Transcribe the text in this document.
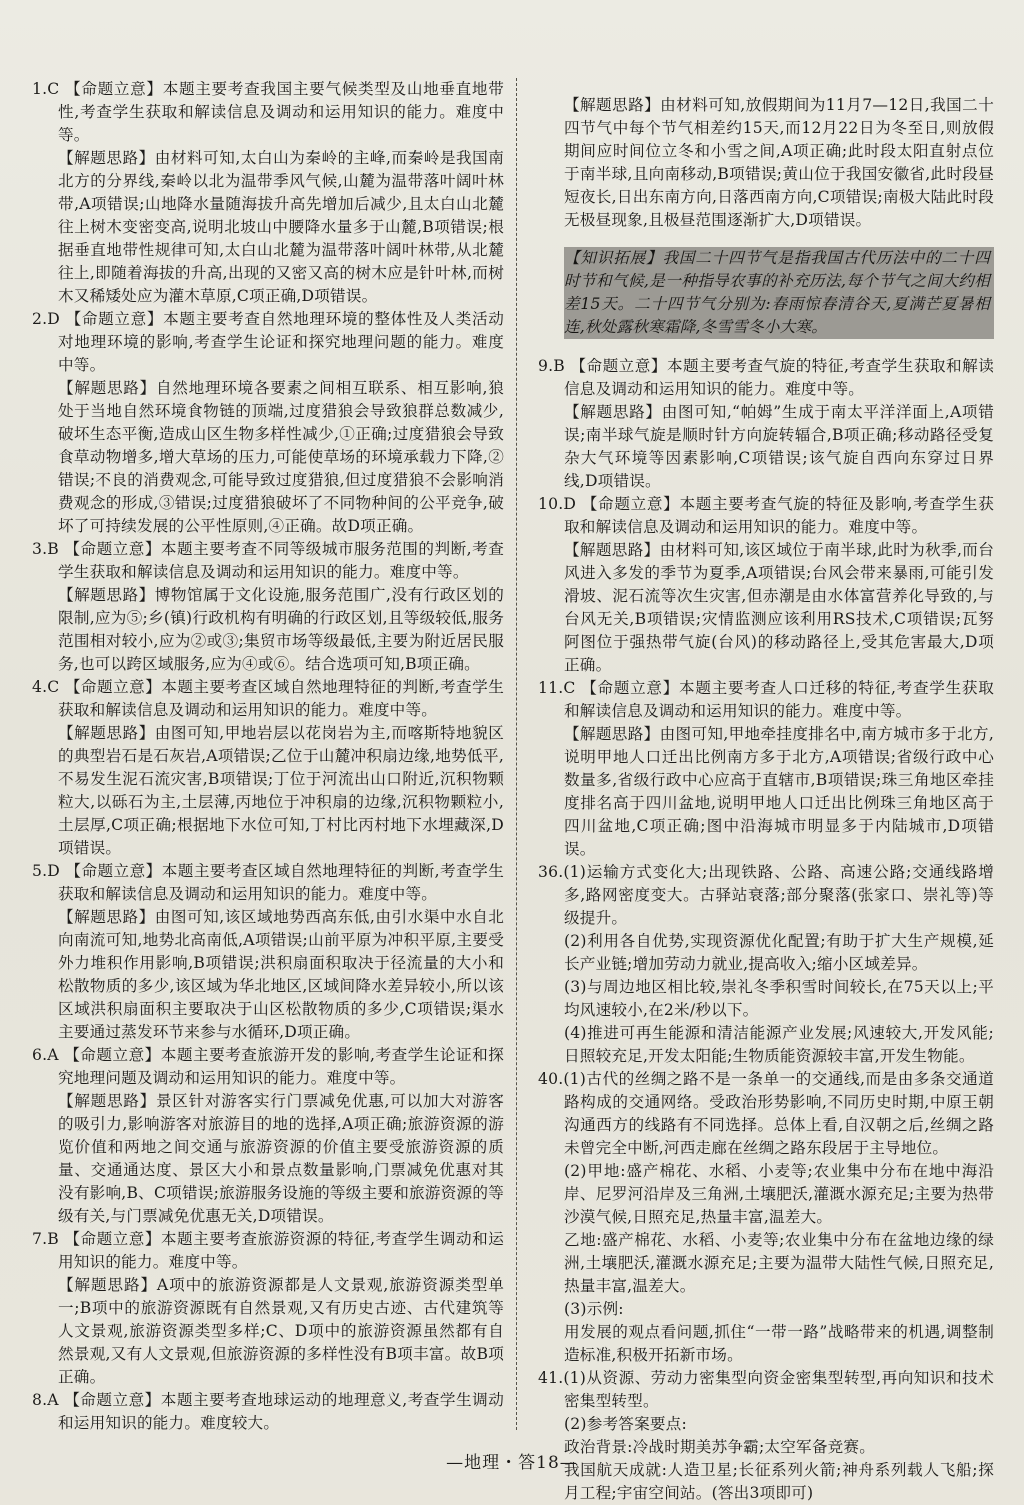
1.C 【命题立意】本题主要考查我国主要气候类型及山地垂直地带性,考查学生获取和解读信息及调动和运用知识的能力。难度中等。

【解题思路】由材料可知,太白山为秦岭的主峰,而秦岭是我国南北方的分界线,秦岭以北为温带季风气候,山麓为温带落叶阔叶林带,A项错误;山地降水量随海拔升高先增加后减少,且太白山北麓往上树木变密变高,说明北坡山中腰降水量多于山麓,B项错误;根据垂直地带性规律可知,太白山北麓为温带落叶阔叶林带,从北麓往上,即随着海拔的升高,出现的又密又高的树木应是针叶林,而树木又稀矮处应为灌木草原,C项正确,D项错误。

2.D 【命题立意】本题主要考查自然地理环境的整体性及人类活动对地理环境的影响,考查学生论证和探究地理问题的能力。难度中等。

【解题思路】自然地理环境各要素之间相互联系、相互影响,狼处于当地自然环境食物链的顶端,过度猎狼会导致狼群总数减少,破坏生态平衡,造成山区生物多样性减少,①正确;过度猎狼会导致食草动物增多,增大草场的压力,可能使草场的环境承载力下降,②错误;不良的消费观念,可能导致过度猎狼,但过度猎狼不会影响消费观念的形成,③错误;过度猎狼破坏了不同物种间的公平竞争,破坏了可持续发展的公平性原则,④正确。故D项正确。

3.B 【命题立意】本题主要考查不同等级城市服务范围的判断,考查学生获取和解读信息及调动和运用知识的能力。难度中等。

【解题思路】博物馆属于文化设施,服务范围广,没有行政区划的限制,应为⑤;乡(镇)行政机构有明确的行政区划,且等级较低,服务范围相对较小,应为②或③;集贸市场等级最低,主要为附近居民服务,也可以跨区域服务,应为④或⑥。结合选项可知,B项正确。

4.C 【命题立意】本题主要考查区域自然地理特征的判断,考查学生获取和解读信息及调动和运用知识的能力。难度中等。

【解题思路】由图可知,甲地岩层以花岗岩为主,而喀斯特地貌区的典型岩石是石灰岩,A项错误;乙位于山麓冲积扇边缘,地势低平,不易发生泥石流灾害,B项错误;丁位于河流出山口附近,沉积物颗粒大,以砾石为主,土层薄,丙地位于冲积扇的边缘,沉积物颗粒小,土层厚,C项正确;根据地下水位可知,丁村比丙村地下水埋藏深,D项错误。

5.D 【命题立意】本题主要考查区域自然地理特征的判断,考查学生获取和解读信息及调动和运用知识的能力。难度中等。

【解题思路】由图可知,该区域地势西高东低,由引水渠中水自北向南流可知,地势北高南低,A项错误;山前平原为冲积平原,主要受外力堆积作用影响,B项错误;洪积扇面积取决于径流量的大小和松散物质的多少,该区域为华北地区,区域间降水差异较小,所以该区域洪积扇面积主要取决于山区松散物质的多少,C项错误;渠水主要通过蒸发环节来参与水循环,D项正确。

6.A 【命题立意】本题主要考查旅游开发的影响,考查学生论证和探究地理问题及调动和运用知识的能力。难度中等。

【解题思路】景区针对游客实行门票减免优惠,可以加大对游客的吸引力,影响游客对旅游目的地的选择,A项正确;旅游资源的游览价值和两地之间交通与旅游资源的价值主要受旅游资源的质量、交通通达度、景区大小和景点数量影响,门票减免优惠对其没有影响,B、C项错误;旅游服务设施的等级主要和旅游资源的等级有关,与门票减免优惠无关,D项错误。

7.B 【命题立意】本题主要考查旅游资源的特征,考查学生调动和运用知识的能力。难度中等。

【解题思路】A项中的旅游资源都是人文景观,旅游资源类型单一;B项中的旅游资源既有自然景观,又有历史古迹、古代建筑等人文景观,旅游资源类型多样;C、D项中的旅游资源虽然都有自然景观,又有人文景观,但旅游资源的多样性没有B项丰富。故B项正确。

8.A 【命题立意】本题主要考查地球运动的地理意义,考查学生调动和运用知识的能力。难度较大。

【解题思路】由材料可知,放假期间为11月7—12日,我国二十四节气中每个节气相差约15天,而12月22日为冬至日,则放假期间应时间位立冬和小雪之间,A项正确;此时段太阳直射点位于南半球,且向南移动,B项错误;黄山位于我国安徽省,此时段昼短夜长,日出东南方向,日落西南方向,C项错误;南极大陆此时段无极昼现象,且极昼范围逐渐扩大,D项错误。

【知识拓展】我国二十四节气是指我国古代历法中的二十四时节和气候,是一种指导农事的补充历法,每个节气之间大约相差15天。二十四节气分别为:春雨惊春清谷天,夏满芒夏暑相连,秋处露秋寒霜降,冬雪雪冬小大寒。

9.B 【命题立意】本题主要考查气旋的特征,考查学生获取和解读信息及调动和运用知识的能力。难度中等。

【解题思路】由图可知,“帕姆”生成于南太平洋洋面上,A项错误;南半球气旋是顺时针方向旋转辐合,B项正确;移动路径受复杂大气环境等因素影响,C项错误;该气旋自西向东穿过日界线,D项错误。

10.D 【命题立意】本题主要考查气旋的特征及影响,考查学生获取和解读信息及调动和运用知识的能力。难度中等。

【解题思路】由材料可知,该区域位于南半球,此时为秋季,而台风进入多发的季节为夏季,A项错误;台风会带来暴雨,可能引发滑坡、泥石流等次生灾害,但赤潮是由水体富营养化导致的,与台风无关,B项错误;灾情监测应该利用RS技术,C项错误;瓦努阿图位于强热带气旋(台风)的移动路径上,受其危害最大,D项正确。

11.C 【命题立意】本题主要考查人口迁移的特征,考查学生获取和解读信息及调动和运用知识的能力。难度中等。

【解题思路】由图可知,甲地牵挂度排名中,南方城市多于北方,说明甲地人口迁出比例南方多于北方,A项错误;省级行政中心数量多,省级行政中心应高于直辖市,B项错误;珠三角地区牵挂度排名高于四川盆地,说明甲地人口迁出比例珠三角地区高于四川盆地,C项正确;图中沿海城市明显多于内陆城市,D项错误。

36.(1)运输方式变化大;出现铁路、公路、高速公路;交通线路增多,路网密度变大。古驿站衰落;部分聚落(张家口、崇礼等)等级提升。

(2)利用各自优势,实现资源优化配置;有助于扩大生产规模,延长产业链;增加劳动力就业,提高收入;缩小区域差异。

(3)与周边地区相比较,崇礼冬季积雪时间较长,在75天以上;平均风速较小,在2米/秒以下。

(4)推进可再生能源和清洁能源产业发展;风速较大,开发风能;日照较充足,开发太阳能;生物质能资源较丰富,开发生物能。

40.(1)古代的丝绸之路不是一条单一的交通线,而是由多条交通道路构成的交通网络。受政治形势影响,不同历史时期,中原王朝沟通西方的线路有不同选择。总体上看,自汉朝之后,丝绸之路未曾完全中断,河西走廊在丝绸之路东段居于主导地位。

(2)甲地:盛产棉花、水稻、小麦等;农业集中分布在地中海沿岸、尼罗河沿岸及三角洲,土壤肥沃,灌溉水源充足;主要为热带沙漠气候,日照充足,热量丰富,温差大。

乙地:盛产棉花、水稻、小麦等;农业集中分布在盆地边缘的绿洲,土壤肥沃,灌溉水源充足;主要为温带大陆性气候,日照充足,热量丰富,温差大。

(3)示例:

用发展的观点看问题,抓住“一带一路”战略带来的机遇,调整制造标准,积极开拓新市场。

41.(1)从资源、劳动力密集型向资金密集型转型,再向知识和技术密集型转型。

(2)参考答案要点:

政治背景:冷战时期美苏争霸;太空军备竞赛。

我国航天成就:人造卫星;长征系列火箭;神舟系列载人飞船;探月工程;宇宙空间站。(答出3项即可)

—地理・答18—
